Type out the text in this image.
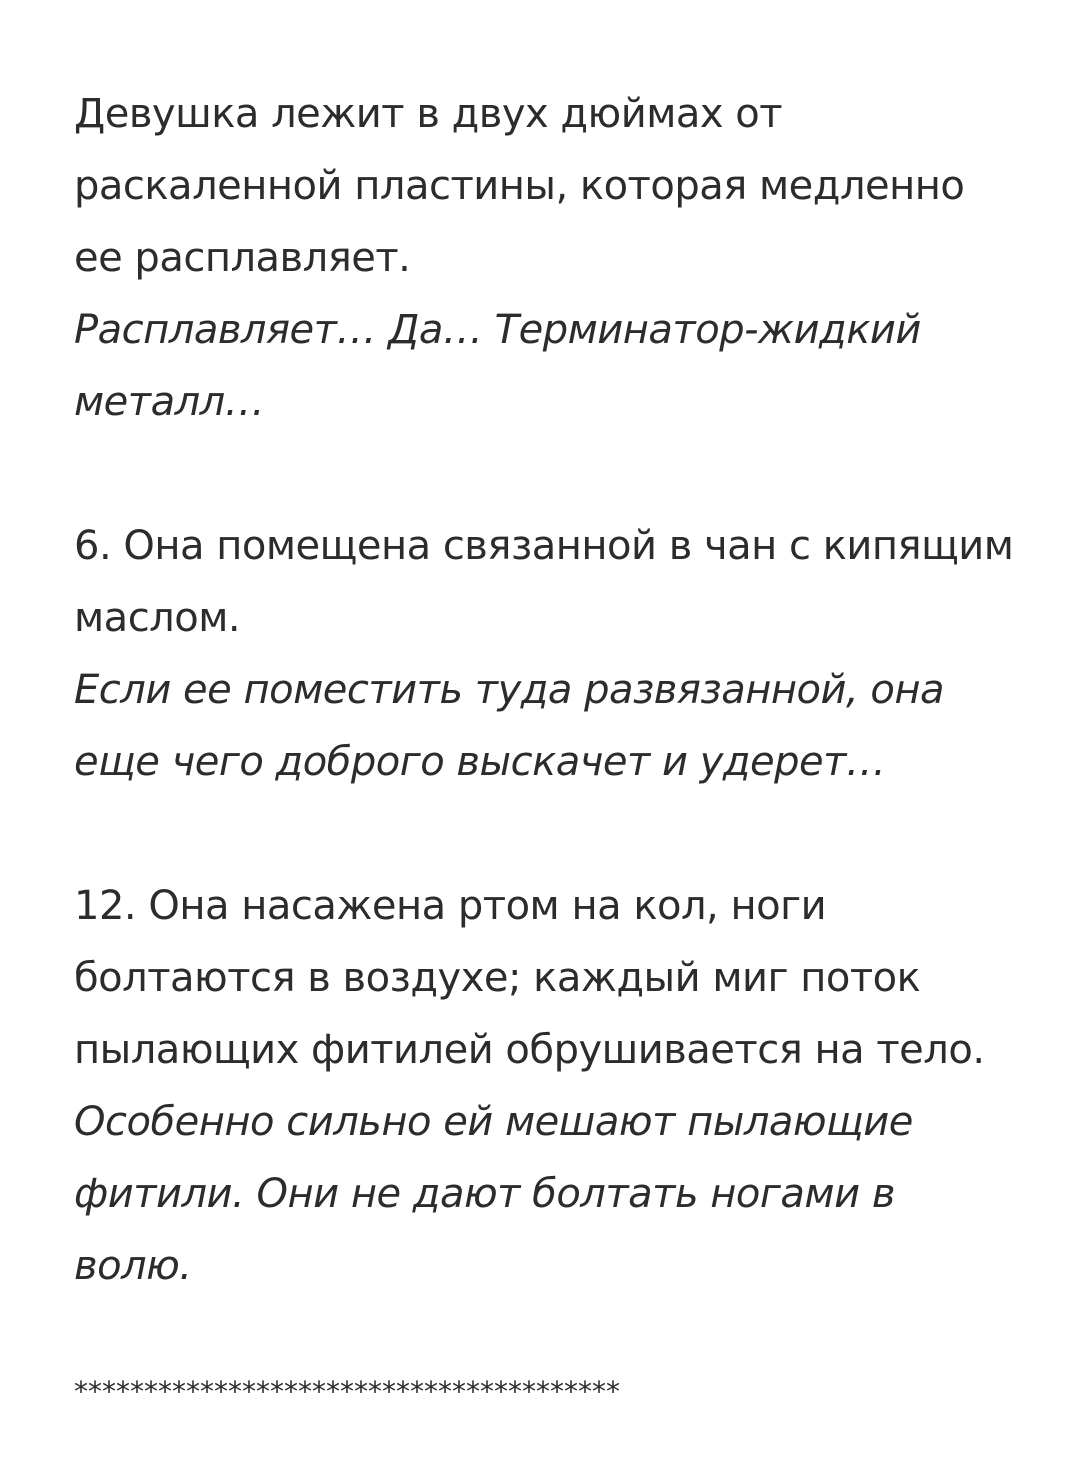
Девушка лежит в двух дюймах от раскаленной пластины, которая медленно ее расплавляет.
Расплавляет… Да… Терминатор-жидкий металл…
6. Она помещена связанной в чан с кипящим маслом.
Если ее поместить туда развязанной, она еще чего доброго выскачет и удерет…
12. Она насажена ртом на кол, ноги болтаются в воздухе; каждый миг поток пылающих фитилей обрушивается на тело.
Особенно сильно ей мешают пылающие фитили. Они не дают болтать ногами в волю.
***************************************
